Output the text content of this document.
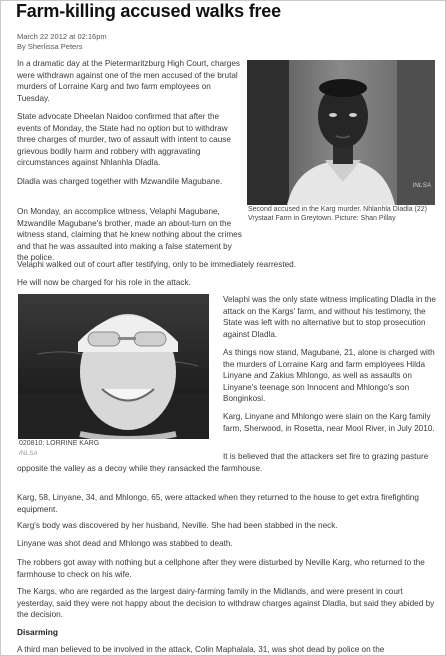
Farm-killing accused walks free
March 22 2012 at 02:16pm
By Sherlissa Peters
INLSA
Second accused in the Karg murder. Nhlanhla Dladla (22) Vrystaat Farm in Greytown. Picture: Shan Pillay

In a dramatic day at the Pietermaritzburg High Court, charges were withdrawn against one of the men accused of the brutal murders of Lorraine Karg and two farm employees on Tuesday.

State advocate Dheelan Naidoo confirmed that after the events of Monday, the State had no option but to withdraw three charges of murder, two of assault with intent to cause grievous bodily harm and robbery with aggravating circumstances against Nhlanhla Dladla.

Dladla was charged together with Mzwandile Magubane.

On Monday, an accomplice witness, Velaphi Magubane, Mzwandile Magubane's brother, made an about-turn on the witness stand, claiming that he knew nothing about the crimes and that he was assaulted into making a false statement by the police.

Velaphi walked out of court after testifying, only to be immediately rearrested.

He will now be charged for his role in the attack.

020810: LORRINE KARG
INLSA

Velaphi was the only state witness implicating Dladla in the attack on the Kargs' farm, and without his testimony, the State was left with no alternative but to stop prosecution against Dladla.

As things now stand, Magubane, 21, alone is charged with the murders of Lorraine Karg and farm employees Hilda Linyane and Zakius Mhlongo, as well as assaults on Linyane's teenage son Innocent and Mhlongo's son Bonginkosi.

Karg, Linyane and Mhlongo were slain on the Karg family farm, Sherwood, in Rosetta, near Mooi River, in July 2010.

It is believed that the attackers set fire to grazing pasture opposite the valley as a decoy while they ransacked the farmhouse.

Karg, 58, Linyane, 34, and Mhlongo, 65, were attacked when they returned to the house to get extra firefighting equipment.

Karg's body was discovered by her husband, Neville. She had been stabbed in the neck.

Linyane was shot dead and Mhlongo was stabbed to death.

The robbers got away with nothing but a cellphone after they were disturbed by Neville Karg, who returned to the farmhouse to check on his wife.

The Kargs, who are regarded as the largest dairy-farming family in the Midlands, and were present in court yesterday, said they were not happy about the decision to withdraw charges against Dladla, but said they abided by the decision.

Disarming

A third man believed to be involved in the attack, Colin Maphalala, 31, was shot dead by police on the
